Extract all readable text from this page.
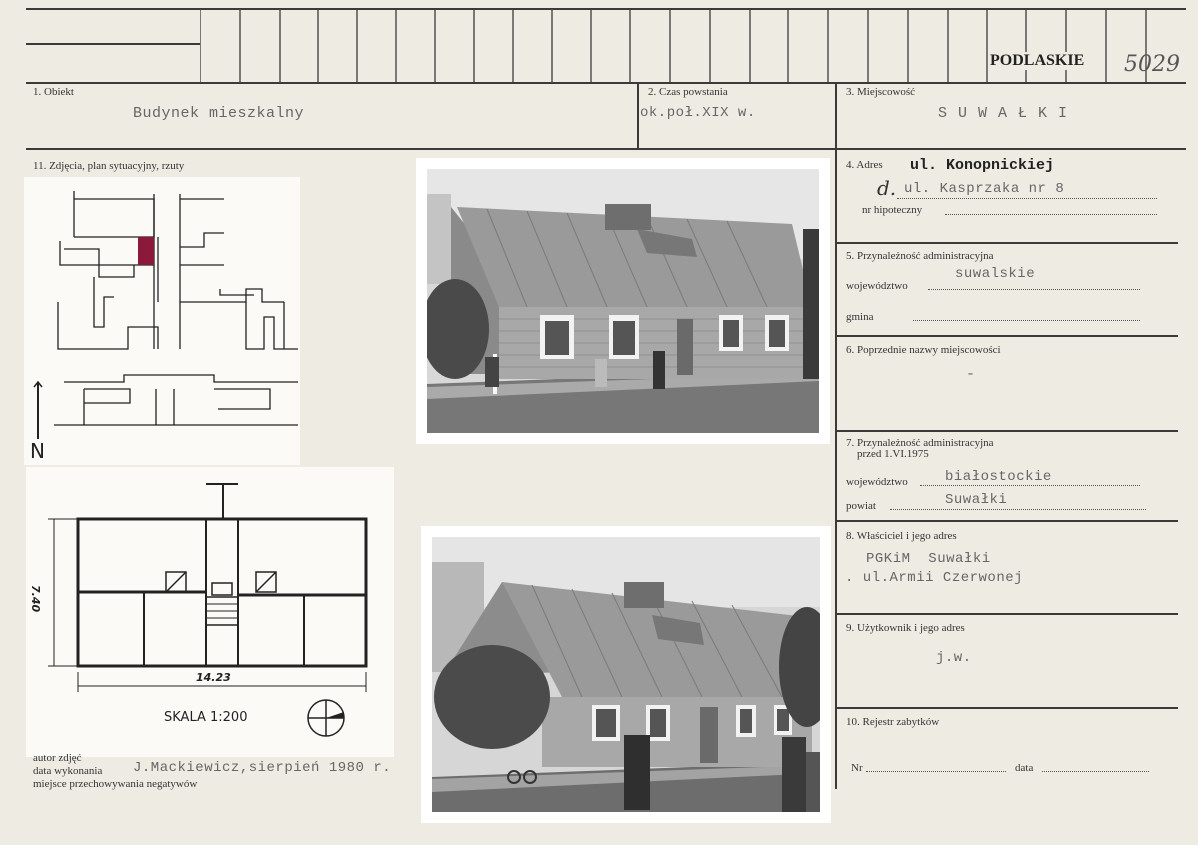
PODLASKIE 5029
1. Obiekt
Budynek mieszkalny
2. Czas powstania
ok.poł.XIX w.
3. Miejscowość
S U W A Ł K I
11. Zdjęcia, plan sytuacyjny, rzuty
N
14.23
7.40
SKALA 1:200
autor zdjęć
data wykonania
miejsce przechowywania negatywów
J.Mackiewicz,sierpień 1980 r.
4. Adres ul. Konopnickiej
d. ul. Kasprzaka nr 8
nr hipoteczny
5. Przynależność administracyjna
województwo
suwalskie
gmina
6. Poprzednie nazwy miejscowości
-
7. Przynależność administracyjna
przed 1.VI.1975
województwo	białostockie
powiat	Suwałki
8. Właściciel i jego adres
PGKiM  Suwałki
. ul.Armii Czerwonej
9. Użytkownik i jego adres
j.w.
10. Rejestr zabytków
Nr	data
